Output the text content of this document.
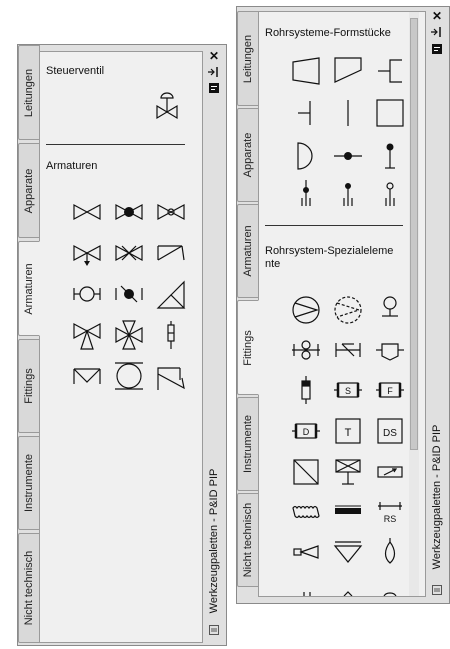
Leitungen
Apparate
Armaturen
Fittings
Instrumente
Nicht technisch
Steuerventil
Armaturen
✕
Werkzeugpaletten - P&ID PIP
Leitungen
Apparate
Armaturen
Fittings
Instrumente
Nicht technisch
Rohrsysteme-Formstücke
Rohrsystem-Spezialeleme
nte
S	F
D	T	DS
RS
✕
Werkzeugpaletten - P&ID PIP
